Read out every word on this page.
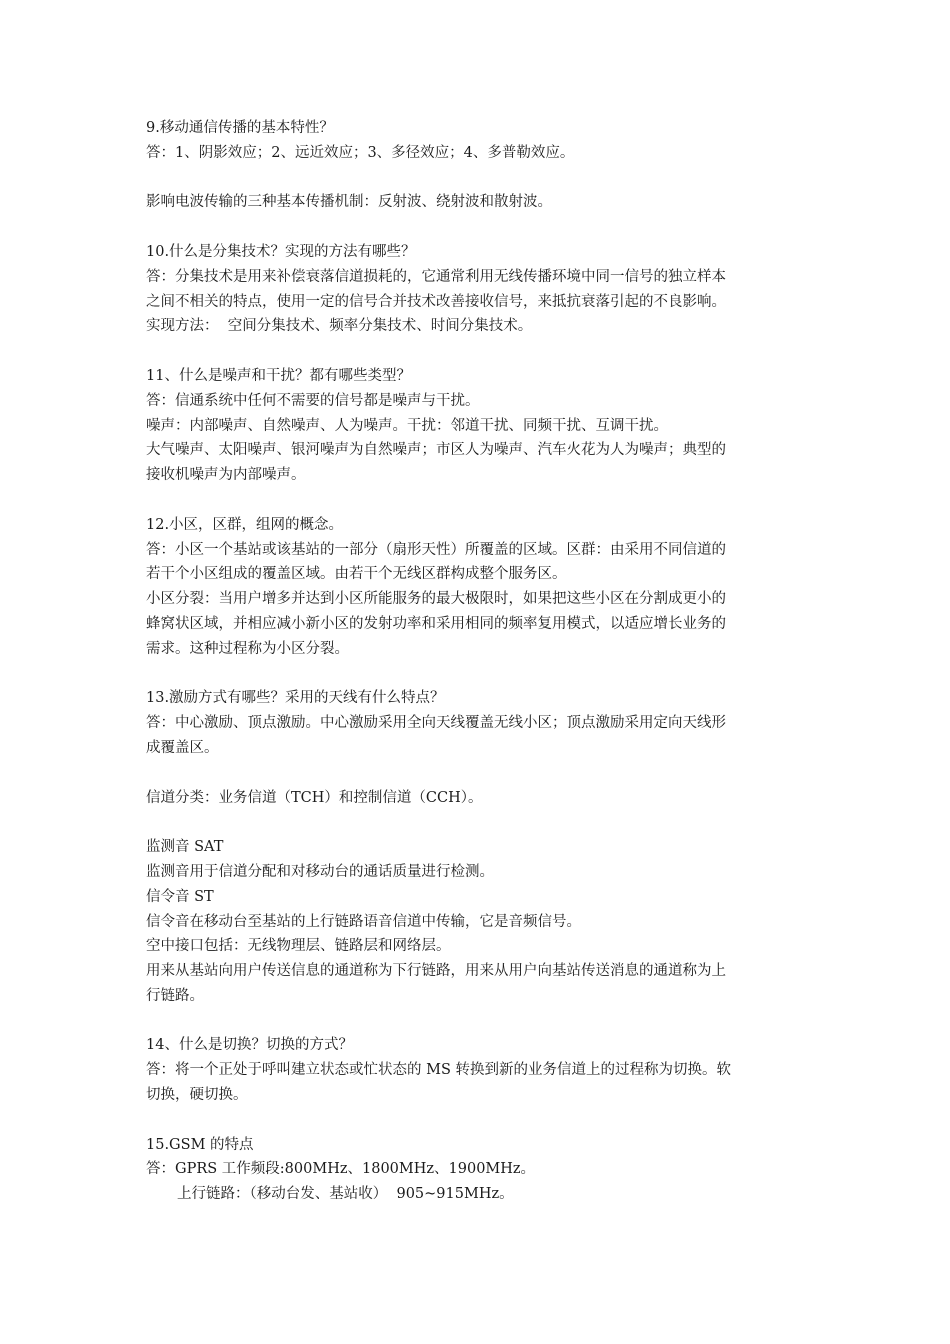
9.移动通信传播的基本特性？
答：1、阴影效应；2、远近效应；3、多径效应；4、多普勒效应。
影响电波传输的三种基本传播机制：反射波、绕射波和散射波。
10.什么是分集技术？实现的方法有哪些？
答：分集技术是用来补偿衰落信道损耗的，它通常利用无线传播环境中同一信号的独立样本
之间不相关的特点，使用一定的信号合并技术改善接收信号，来抵抗衰落引起的不良影响。
实现方法：  空间分集技术、频率分集技术、时间分集技术。
11、什么是噪声和干扰？都有哪些类型？
答：信通系统中任何不需要的信号都是噪声与干扰。
噪声：内部噪声、自然噪声、人为噪声。干扰：邻道干扰、同频干扰、互调干扰。
大气噪声、太阳噪声、银河噪声为自然噪声；市区人为噪声、汽车火花为人为噪声；典型的
接收机噪声为内部噪声。
12.小区，区群，组网的概念。
答：小区一个基站或该基站的一部分（扇形天性）所覆盖的区域。区群：由采用不同信道的
若干个小区组成的覆盖区域。由若干个无线区群构成整个服务区。
小区分裂：当用户增多并达到小区所能服务的最大极限时，如果把这些小区在分割成更小的
蜂窝状区域，并相应减小新小区的发射功率和采用相同的频率复用模式，以适应增长业务的
需求。这种过程称为小区分裂。
13.激励方式有哪些？采用的天线有什么特点？
答：中心激励、顶点激励。中心激励采用全向天线覆盖无线小区；顶点激励采用定向天线形
成覆盖区。
信道分类：业务信道（TCH）和控制信道（CCH）。
监测音 SAT
监测音用于信道分配和对移动台的通话质量进行检测。
信令音 ST
信令音在移动台至基站的上行链路语音信道中传输，它是音频信号。
空中接口包括：无线物理层、链路层和网络层。
用来从基站向用户传送信息的通道称为下行链路，用来从用户向基站传送消息的通道称为上
行链路。
14、什么是切换？切换的方式？
答：将一个正处于呼叫建立状态或忙状态的 MS 转换到新的业务信道上的过程称为切换。软
切换，硬切换。
15.GSM 的特点
答：GPRS 工作频段:800MHz、1800MHz、1900MHz。
上行链路：（移动台发、基站收）  905~915MHz。
